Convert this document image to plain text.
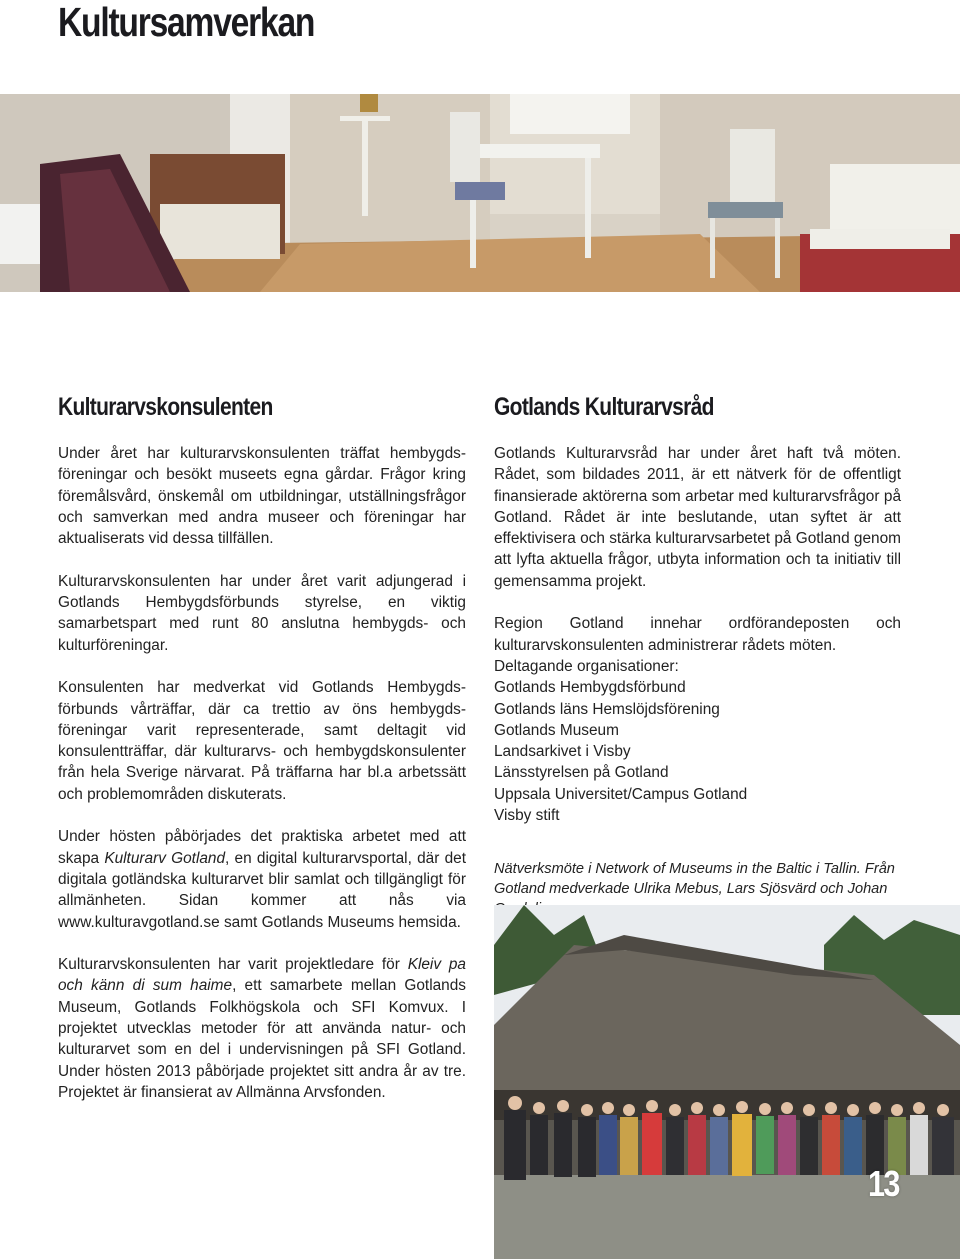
Kultursamverkan
Kulturarvskonsulenten	Gotlands Kulturarvsråd

Under året har kulturarvskonsulenten träffat hembygdsföreningar och besökt museets egna gårdar. Frågor kring föremålsvård, önskemål om utbildningar, utställningsfrågor och samverkan med andra museer och föreningar har aktualiserats vid dessa tillfällen.

Kulturarvskonsulenten har under året varit adjungerad i Gotlands Hembygdsförbunds styrelse, en viktig samarbetspart med runt 80 anslutna hembygds- och kulturföreningar.

Konsulenten har medverkat vid Gotlands Hembygdsförbunds vårträffar, där ca trettio av öns hembygdsföreningar varit representerade, samt deltagit vid konsulentträffar, där kulturarvs- och hembygdskonsulenter från hela Sverige närvarat. På träffarna har bl.a arbetssätt och problemområden diskuterats.

Under hösten påbörjades det praktiska arbetet med att skapa Kulturarv Gotland, en digital kulturarvsportal, där det digitala gotländska kulturarvet blir samlat och tillgängligt för allmänheten. Sidan kommer att nås via www.kulturavgotland.se samt Gotlands Museums hemsida.

Kulturarvskonsulenten har varit projektledare för Kleiv pa och känn di sum haime, ett samarbete mellan Gotlands Museum, Gotlands Folkhögskola och SFI Komvux. I projektet utvecklas metoder för att använda natur- och kulturarvet som en del i undervisningen på SFI Gotland. Under hösten 2013 påbörjade projektet sitt andra år av tre. Projektet är finansierat av Allmänna Arvsfonden.

Gotlands Kulturarvsråd har under året haft två möten. Rådet, som bildades 2011, är ett nätverk för de offentligt finansierade aktörerna som arbetar med kulturarvsfrågor på Gotland. Rådet är inte beslutande, utan syftet är att effektivisera och stärka kulturarvsarbetet på Gotland genom att lyfta aktuella frågor, utbyta information och ta initiativ till gemensamma projekt.

Region Gotland innehar ordförandeposten och kulturarvskonsulenten administrerar rådets möten.

Deltagande organisationer:
Gotlands Hembygdsförbund
Gotlands läns Hemslöjdsförening
Gotlands Museum
Landsarkivet i Visby
Länsstyrelsen på Gotland
Uppsala Universitet/Campus Gotland
Visby stift
Nätverksmöte i Network of Museums in the Baltic i Tallin. Från Gotland medverkade Ulrika Mebus, Lars Sjösvärd och Johan
13
